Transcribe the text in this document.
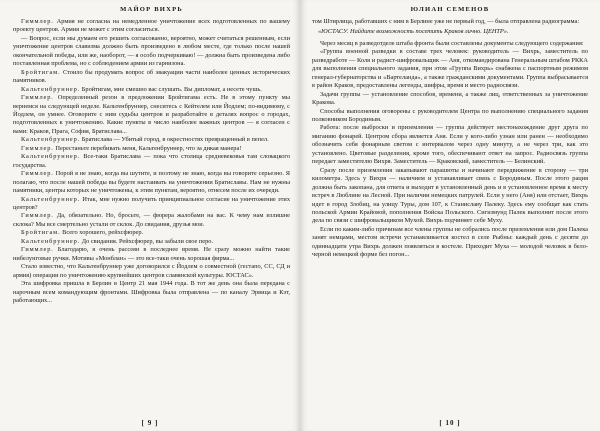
МАЙОР ВИХРЬ

Гиммлер. Армия не согласна на немедленное уничтожение всех подготовленных по вашему проекту центров. Армия не может с этим согласиться.

— Вопрос, если мы думаем его решить согласованно, вероятно, может считаться решенным, если уничтожение центров славизма должно быть произведено в любом месте, где только после нашей окончательной победы, или же, наоборот, — я особо подчеркиваю! — должна быть произведена либо поставленная проблема, но с соблюдением армии из гарнизона.

Бройтигам. Стоило бы продумать вопрос об эвакуации части наиболее ценных исторических памятников.

Кальтенбруннер. Бройтигам, мне смешно вас слушать. Вы дипломат, а несете чушь.

Гиммлер. Определенный резон в предложении Бройтигама есть. Не в этому пункту мы вернемся на следующей неделе. Кальтенбруннер, снеситесь с Кейтелем или Йодлем; по-видимому, с Йодлем, он умнее. Оговорите с ним судьбы центров и разработайте в деталях вопрос о городах, подготовленных к уничтожению. Какие пункты в число наиболее важных центров — я согласен с вами: Краков, Прага, София, Братислава...

Кальтенбруннер. Братислава — Убитый город, в окрестностях превращенный в пепел.

Гиммлер. Перестаньте перебивать меня, Кальтенбруннер, что за дикая манера!

Кальтенбруннер. Все-таки Братислава — пока что столица средневековья там словацкого государства.

Гиммлер. Порой я не знаю, когда вы шутите, и поэтому не знаю, когда вы говорите серьезно. Я полагаю, что после нашей победы вы будете настаивать на уничтожении Братиславы. Нам не нужны памятники, центры которых не уничтожены, к этим пунктам, вероятно, отнесем после их очереди.

Кальтенбруннер. Итак, мне нужно получить принципиальное согласие на уничтожение этих центров?

Гиммлер. Да, обязательно. Но, бросьте, — фюрера жалобами на вас. К чему нам излишне склока? Мы все смертельно устали от склок. До свидания, друзья мои.

Бройтигам. Всего хорошего, рейхсфюрер.

Кальтенбруннер. До свидания. Рейхсфюрер, вы забыли свое перо.

Гиммлер. Благодарю, я очень рассеян в последнее время. Не сразу можно найти такие нибелунговые ручки. Мотивы «Монблан» — это все-таки очень хорошая фирма...

Стало известно, что Кальтенбруннер уже договорился с Йодлем о совместной (гестапо, СС, СД и армия) операции по уничтожению крупнейших центров славянской культуры. ЮСТАС».

Эта шифровка пришла в Берлин в Центр 21 мая 1944 года. В тот же день она была передана с нарочным всем командующим фронтами. Шифровка была отправлена — по каналу Эрвица и Кэт, работающих...

[ 9 ]
ЮЛИАН СЕМЕНОВ

том Штирлица, работавших с ним в Берлине уже не первый год, — была отправлена радиограмма:

«ЮСТАСУ. Найдите возможность посетить Краков лично. ЦЕНТР».

Через месяц в разведотделе штаба фронта были составлены документы следующего содержания:

«Группа военной разведки в составе трех человек: руководитель — Вихрь, заместитель по разведработе — Коля и радист-шифровальщик — Аня, откомандирована Генеральным штабом РККА для выполнения специального задания, при этом «Группа Вихрь» снабжена с паспортным режимом генерал-губернаторства и «Вартеланда», а также гражданскими документами. Группа выбрасывается в район Краков, предоставлены легенды, шифры, время и место радиосвязи.

Задачи группы — установление способов, времени, а также лиц, ответственных за уничтожение Кракова.

Способы выполнения оговорены с руководителем Центра по выполнению специального задания полковником Бородиным.

Работа: после выброски и приземления — группа действует местонахождение друг друга по миганию фонарей. Центром сбора является Аня. Если у кого-либо узнан или ранен — необходимо обозначить себя фонарным светом с интервалом через одну минуту, а не через три, как это установлено. Цветовые разделения, кроме того, обеспечивают ответ на запрос. Радиосвязь группа передает заместителю Вихря. Заместитель — Краковский, заместитель — Белинский.

Сразу после приземления закапывают парашюты и начинают передвижение в сторону — три километра. Здесь у Вихря — наличием и устанавливает связь с Бородиным. После этого рация должна быть закопана, для ответа и выходит в установленный день и в установленное время к месту встреч в Люблине на Лесной. При наличии немецких патрулей. Если у него (Аня) или отстает, Вихрь идет в город Злобиц, на улицу Туры, дом 107, к Станиславу Палеку. Здесь ему сообщат как стать польской Армии Крайовой, пополнения Войска Польского. Сигизмунд Палек выполнит после этого дела по связи с шифровальщиком Мухой. Вихрь подчиняет себе Муху.

Если по каким-либо причинам все члены группы не собрались после приземления или дом Палека занят немцами, местом встречи устанавливается костел в селе Рыбны: каждый день с десяти до одиннадцати утра Вихрь должен появляться в костеле. Приходит Муха — молодой человек в бело-черной немецкой форме без погон...

[ 10 ]
